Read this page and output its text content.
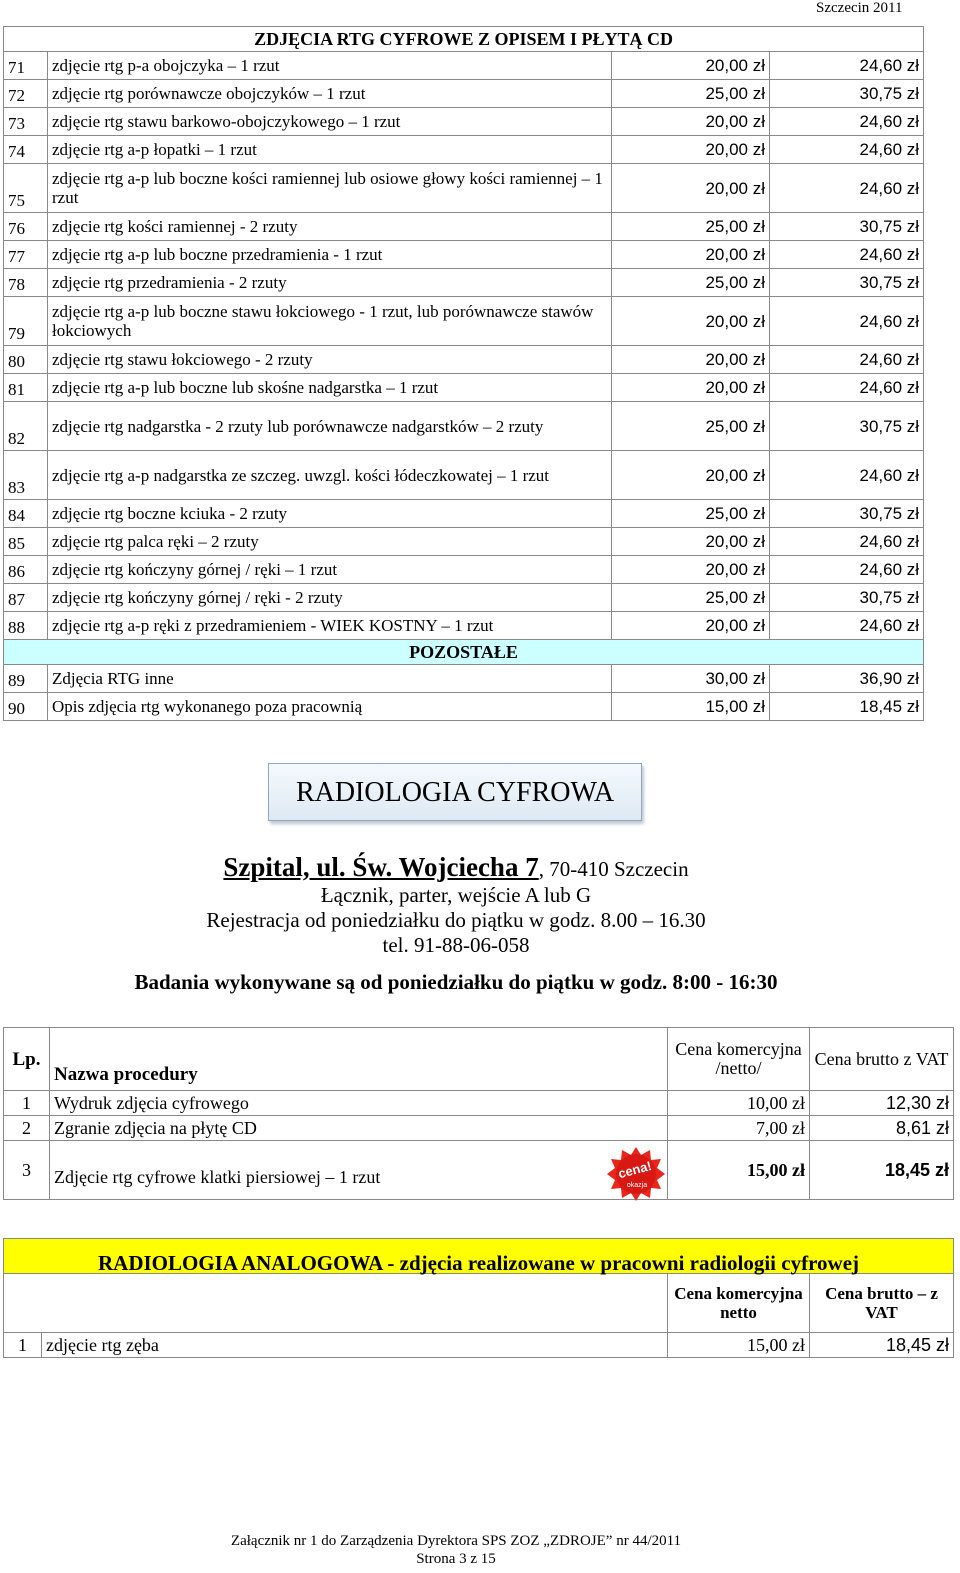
Szczecin 2011
ZDJĘCIA RTG CYFROWE Z OPISEM I PŁYTĄ CD			
71	zdjęcie rtg p-a obojczyka – 1 rzut	20,00 zł	24,60 zł
72	zdjęcie rtg porównawcze obojczyków – 1 rzut	25,00 zł	30,75 zł
73	zdjęcie rtg stawu barkowo-obojczykowego – 1 rzut	20,00 zł	24,60 zł
74	zdjęcie rtg a-p łopatki – 1 rzut	20,00 zł	24,60 zł
75	zdjęcie rtg a-p lub boczne kości ramiennej lub osiowe głowy kości ramiennej – 1 rzut	20,00 zł	24,60 zł
76	zdjęcie rtg kości ramiennej - 2 rzuty	25,00 zł	30,75 zł
77	zdjęcie rtg a-p lub boczne przedramienia - 1 rzut	20,00 zł	24,60 zł
78	zdjęcie rtg przedramienia - 2 rzuty	25,00 zł	30,75 zł
79	zdjęcie rtg a-p lub boczne stawu łokciowego - 1 rzut, lub porównawcze stawów łokciowych	20,00 zł	24,60 zł
80	zdjęcie rtg stawu łokciowego - 2 rzuty	20,00 zł	24,60 zł
81	zdjęcie rtg a-p lub boczne lub skośne nadgarstka – 1 rzut	20,00 zł	24,60 zł
82	zdjęcie rtg nadgarstka - 2 rzuty lub porównawcze nadgarstków – 2 rzuty	25,00 zł	30,75 zł
83	zdjęcie rtg a-p nadgarstka ze szczeg. uwzgl. kości łódeczkowatej – 1 rzut	20,00 zł	24,60 zł
84	zdjęcie rtg boczne kciuka - 2 rzuty	25,00 zł	30,75 zł
85	zdjęcie rtg palca ręki – 2 rzuty	20,00 zł	24,60 zł
86	zdjęcie rtg kończyny górnej / ręki – 1 rzut	20,00 zł	24,60 zł
87	zdjęcie rtg kończyny górnej / ręki - 2 rzuty	25,00 zł	30,75 zł
88	zdjęcie rtg a-p ręki z przedramieniem - WIEK KOSTNY – 1 rzut	20,00 zł	24,60 zł
POZOSTAŁE			
89	Zdjęcia RTG inne	30,00 zł	36,90 zł
90	Opis zdjęcia rtg wykonanego poza pracownią	15,00 zł	18,45 zł
RADIOLOGIA CYFROWA
Szpital, ul. Św. Wojciecha 7, 70-410 Szczecin
Łącznik, parter, wejście A lub G
Rejestracja od poniedziałku do piątku w godz. 8.00 – 16.30
tel. 91-88-06-058
Badania wykonywane są od poniedziałku do piątku w godz. 8:00 - 16:30
Lp.	Nazwa procedury	Cena komercyjna /netto/	Cena brutto z VAT
1	Wydruk zdjęcia cyfrowego	10,00 zł	12,30 zł
2	Zgranie zdjęcia na płytę CD	7,00 zł	8,61 zł
3	Zdjęcie rtg cyfrowe klatki piersiowej – 1 rzut	15,00 zł	18,45 zł
cena!
okazja
RADIOLOGIA ANALOGOWA - zdjęcia realizowane w pracowni radiologii cyfrowej			
		Cena komercyjna netto	Cena brutto – z VAT
1	zdjęcie rtg zęba	15,00 zł	18,45 zł
Załącznik nr 1 do Zarządzenia Dyrektora SPS ZOZ „ZDROJE” nr 44/2011
Strona 3 z 15
